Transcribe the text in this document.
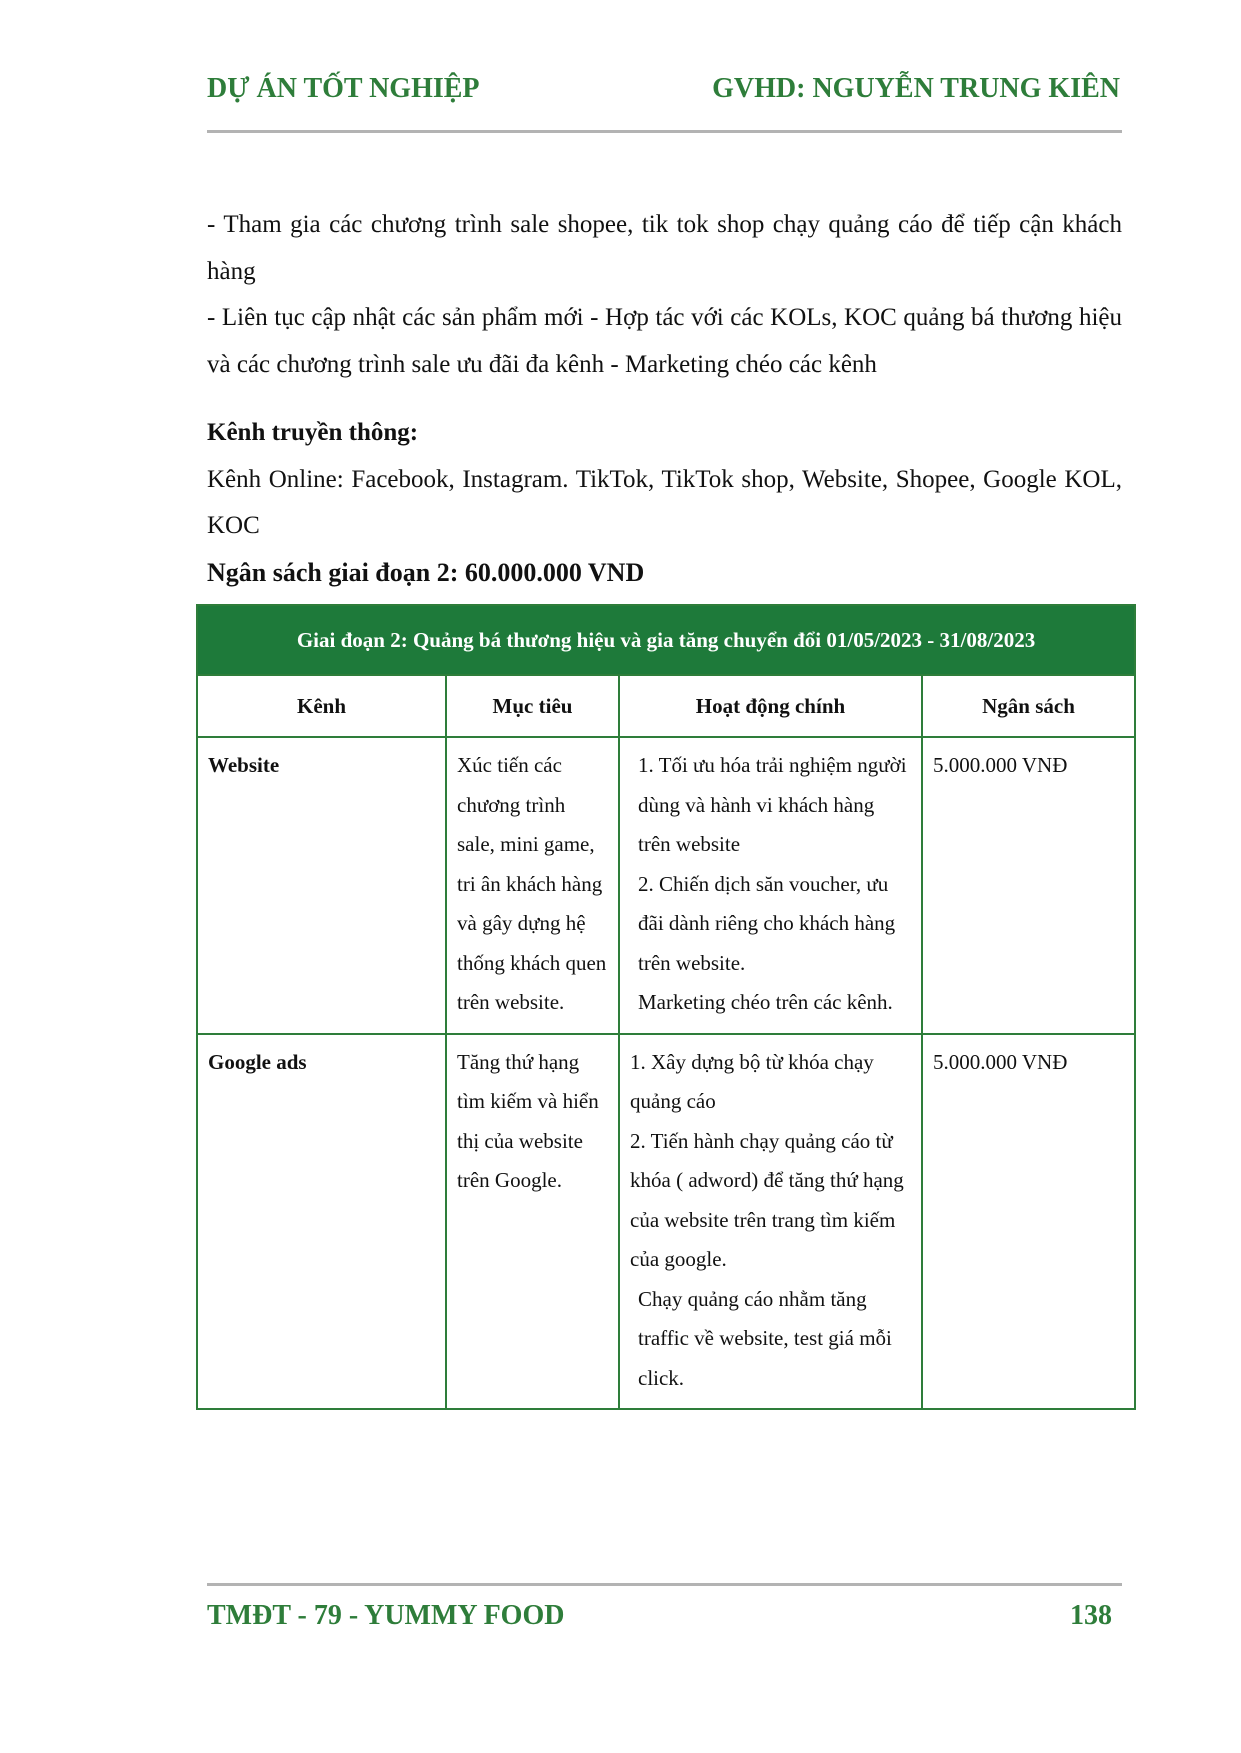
DỰ ÁN TỐT NGHIỆP	GVHD: NGUYỄN TRUNG KIÊN

- Tham gia các chương trình sale shopee, tik tok shop chạy quảng cáo để tiếp cận khách hàng

- Liên tục cập nhật các sản phẩm mới - Hợp tác với các KOLs, KOC quảng bá thương hiệu và các chương trình sale ưu đãi đa kênh - Marketing chéo các kênh

Kênh truyền thông:

Kênh Online: Facebook, Instagram. TikTok, TikTok shop, Website, Shopee, Google KOL, KOC

Ngân sách giai đoạn 2: 60.000.000 VND

Giai đoạn 2: Quảng bá thương hiệu và gia tăng chuyển đổi 01/05/2023 - 31/08/2023			
Kênh	Mục tiêu	Hoạt động chính	Ngân sách
Website	Xúc tiến các chương trình sale, mini game, tri ân khách hàng và gây dựng hệ thống khách quen trên website.	1. Tối ưu hóa trải nghiệm người dùng và hành vi khách hàng trên website
2. Chiến dịch săn voucher, ưu đãi dành riêng cho khách hàng trên website.
Marketing chéo trên các kênh.	5.000.000 VNĐ
Google ads	Tăng thứ hạng tìm kiếm và hiển thị của website trên Google.	1. Xây dựng bộ từ khóa chạy quảng cáo
2. Tiến hành chạy quảng cáo từ khóa ( adword) để tăng thứ hạng của website trên trang tìm kiếm của google.
Chạy quảng cáo nhằm tăng traffic về website, test giá mỗi click.	5.000.000 VNĐ
TMĐT - 79 - YUMMY FOOD	138
